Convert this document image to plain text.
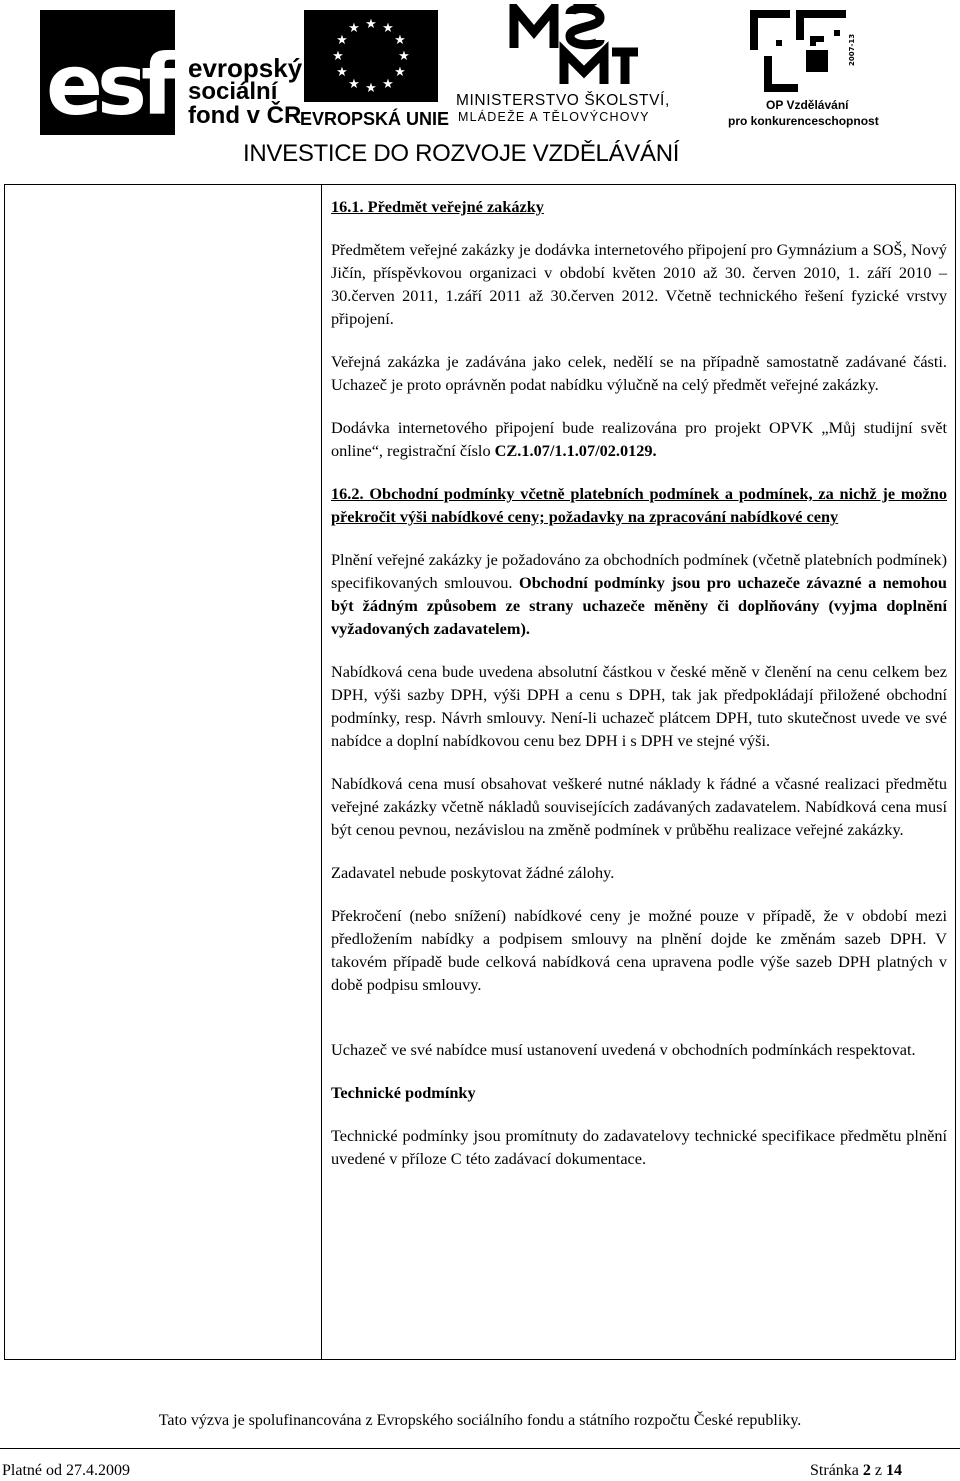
esf evropský
sociální
fond v ČR
★ ★
★
★
★
★
★
★
★
★
★
★
EVROPSKÁ UNIE
MINISTERSTVO ŠKOLSTVÍ,
MLÁDEŽE A TĚLOVÝCHOVY
2007-13
OP Vzdělávání
pro konkurenceschopnost
INVESTICE DO ROZVOJE VZDĚLÁVÁNÍ

16.1. Předmět veřejné zakázky

Předmětem veřejné zakázky je dodávka internetového připojení pro Gymnázium a SOŠ, Nový Jičín, příspěvkovou organizaci v období květen 2010 až 30. červen 2010, 1. září 2010 – 30.červen 2011, 1.září 2011 až 30.červen 2012. Včetně technického řešení fyzické vrstvy připojení.

Veřejná zakázka je zadávána jako celek, nedělí se na případně samostatně zadávané části. Uchazeč je proto oprávněn podat nabídku výlučně na celý předmět veřejné zakázky.

Dodávka internetového připojení bude realizována pro projekt OPVK „Můj studijní svět online“, registrační číslo CZ.1.07/1.1.07/02.0129.

16.2. Obchodní podmínky včetně platebních podmínek a podmínek, za nichž je možno překročit výši nabídkové ceny; požadavky na zpracování nabídkové ceny

Plnění veřejné zakázky je požadováno za obchodních podmínek (včetně platebních podmínek) specifikovaných smlouvou. Obchodní podmínky jsou pro uchazeče závazné a nemohou být žádným způsobem ze strany uchazeče měněny či doplňovány (vyjma doplnění vyžadovaných zadavatelem).

Nabídková cena bude uvedena absolutní částkou v české měně v členění na cenu celkem bez DPH, výši sazby DPH, výši DPH a cenu s DPH, tak jak předpokládají přiložené obchodní podmínky, resp. Návrh smlouvy. Není-li uchazeč plátcem DPH, tuto skutečnost uvede ve své nabídce a doplní nabídkovou cenu bez DPH i s DPH ve stejné výši.

Nabídková cena musí obsahovat veškeré nutné náklady k řádné a včasné realizaci předmětu veřejné zakázky včetně nákladů souvisejících zadávaných zadavatelem. Nabídková cena musí být cenou pevnou, nezávislou na změně podmínek v průběhu realizace veřejné zakázky.

Zadavatel nebude poskytovat žádné zálohy.

Překročení (nebo snížení) nabídkové ceny je možné pouze v případě, že v období mezi předložením nabídky a podpisem smlouvy na plnění dojde ke změnám sazeb DPH. V takovém případě bude celková nabídková cena upravena podle výše sazeb DPH platných v době podpisu smlouvy.

Uchazeč ve své nabídce musí ustanovení uvedená v obchodních podmínkách respektovat.

Technické podmínky

Technické podmínky jsou promítnuty do zadavatelovy technické specifikace předmětu plnění uvedené v příloze C této zadávací dokumentace.

Tato výzva je spolufinancována z Evropského sociálního fondu a státního rozpočtu České republiky.
Platné od 27.4.2009	Stránka 2 z 14
